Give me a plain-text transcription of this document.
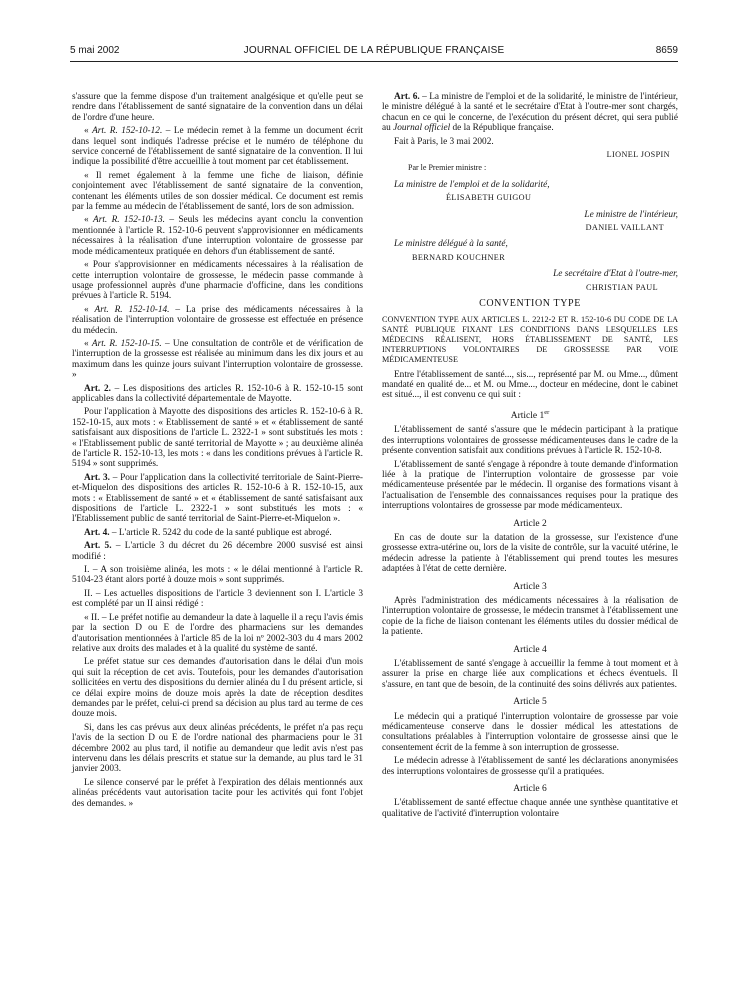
5 mai 2002	JOURNAL OFFICIEL DE LA RÉPUBLIQUE FRANÇAISE	8659

s'assure que la femme dispose d'un traitement analgésique et qu'elle peut se rendre dans l'établissement de santé signataire de la convention dans un délai de l'ordre d'une heure.

« Art. R. 152-10-12. – Le médecin remet à la femme un document écrit dans lequel sont indiqués l'adresse précise et le numéro de téléphone du service concerné de l'établissement de santé signataire de la convention. Il lui indique la possibilité d'être accueillie à tout moment par cet établissement.

« Il remet également à la femme une fiche de liaison, définie conjointement avec l'établissement de santé signataire de la convention, contenant les éléments utiles de son dossier médical. Ce document est remis par la femme au médecin de l'établissement de santé, lors de son admission.

« Art. R. 152-10-13. – Seuls les médecins ayant conclu la convention mentionnée à l'article R. 152-10-6 peuvent s'approvisionner en médicaments nécessaires à la réalisation d'une interruption volontaire de grossesse par mode médicamenteux pratiquée en dehors d'un établissement de santé.

« Pour s'approvisionner en médicaments nécessaires à la réalisation de cette interruption volontaire de grossesse, le médecin passe commande à usage professionnel auprès d'une pharmacie d'officine, dans les conditions prévues à l'article R. 5194.

« Art. R. 152-10-14. – La prise des médicaments nécessaires à la réalisation de l'interruption volontaire de grossesse est effectuée en présence du médecin.

« Art. R. 152-10-15. – Une consultation de contrôle et de vérification de l'interruption de la grossesse est réalisée au minimum dans les dix jours et au maximum dans les quinze jours suivant l'interruption volontaire de grossesse. »

Art. 2. – Les dispositions des articles R. 152-10-6 à R. 152-10-15 sont applicables dans la collectivité départementale de Mayotte.

Pour l'application à Mayotte des dispositions des articles R. 152-10-6 à R. 152-10-15, aux mots : « Etablissement de santé » et « établissement de santé satisfaisant aux dispositions de l'article L. 2322-1 » sont substitués les mots : « l'Etablissement public de santé territorial de Mayotte » ; au deuxième alinéa de l'article R. 152-10-13, les mots : « dans les conditions prévues à l'article R. 5194 » sont supprimés.

Art. 3. – Pour l'application dans la collectivité territoriale de Saint-Pierre-et-Miquelon des dispositions des articles R. 152-10-6 à R. 152-10-15, aux mots : « Etablissement de santé » et « établissement de santé satisfaisant aux dispositions de l'article L. 2322-1 » sont substitués les mots : « l'Etablissement public de santé territorial de Saint-Pierre-et-Miquelon ».

Art. 4. – L'article R. 5242 du code de la santé publique est abrogé.

Art. 5. – L'article 3 du décret du 26 décembre 2000 susvisé est ainsi modifié :

I. – A son troisième alinéa, les mots : « le délai mentionné à l'article R. 5104-23 étant alors porté à douze mois » sont supprimés.

II. – Les actuelles dispositions de l'article 3 deviennent son I. L'article 3 est complété par un II ainsi rédigé :

« II. – Le préfet notifie au demandeur la date à laquelle il a reçu l'avis émis par la section D ou E de l'ordre des pharmaciens sur les demandes d'autorisation mentionnées à l'article 85 de la loi nº 2002-303 du 4 mars 2002 relative aux droits des malades et à la qualité du système de santé.

Le préfet statue sur ces demandes d'autorisation dans le délai d'un mois qui suit la réception de cet avis. Toutefois, pour les demandes d'autorisation sollicitées en vertu des dispositions du dernier alinéa du I du présent article, si ce délai expire moins de douze mois après la date de réception desdites demandes par le préfet, celui-ci prend sa décision au plus tard au terme de ces douze mois.

Si, dans les cas prévus aux deux alinéas précédents, le préfet n'a pas reçu l'avis de la section D ou E de l'ordre national des pharmaciens pour le 31 décembre 2002 au plus tard, il notifie au demandeur que ledit avis n'est pas intervenu dans les délais prescrits et statue sur la demande, au plus tard le 31 janvier 2003.

Le silence conservé par le préfet à l'expiration des délais mentionnés aux alinéas précédents vaut autorisation tacite pour les activités qui font l'objet des demandes. »

Art. 6. – La ministre de l'emploi et de la solidarité, le ministre de l'intérieur, le ministre délégué à la santé et le secrétaire d'Etat à l'outre-mer sont chargés, chacun en ce qui le concerne, de l'exécution du présent décret, qui sera publié au Journal officiel de la République française.

Fait à Paris, le 3 mai 2002.

LIONEL JOSPIN

Par le Premier ministre :

La ministre de l'emploi et de la solidarité,

ÉLISABETH GUIGOU

Le ministre de l'intérieur,

DANIEL VAILLANT

Le ministre délégué à la santé,

BERNARD KOUCHNER

Le secrétaire d'Etat à l'outre-mer,

CHRISTIAN PAUL

CONVENTION TYPE
CONVENTION TYPE AUX ARTICLES L. 2212-2 ET R. 152-10-6 DU CODE DE LA SANTÉ PUBLIQUE FIXANT LES CONDITIONS DANS LESQUELLES LES MÉDECINS RÉALISENT, HORS ÉTABLISSEMENT DE SANTÉ, LES INTERRUPTIONS VOLONTAIRES DE GROSSESSE PAR VOIE MÉDICAMENTEUSE

Entre l'établissement de santé..., sis..., représenté par M. ou Mme..., dûment mandaté en qualité de... et M. ou Mme..., docteur en médecine, dont le cabinet est situé..., il est convenu ce qui suit :

Article 1er

L'établissement de santé s'assure que le médecin participant à la pratique des interruptions volontaires de grossesse médicamenteuses dans le cadre de la présente convention satisfait aux conditions prévues à l'article R. 152-10-8.

L'établissement de santé s'engage à répondre à toute demande d'information liée à la pratique de l'interruption volontaire de grossesse par voie médicamenteuse présentée par le médecin. Il organise des formations visant à l'actualisation de l'ensemble des connaissances requises pour la pratique des interruptions volontaires de grossesse par mode médicamenteux.

Article 2

En cas de doute sur la datation de la grossesse, sur l'existence d'une grossesse extra-utérine ou, lors de la visite de contrôle, sur la vacuité utérine, le médecin adresse la patiente à l'établissement qui prend toutes les mesures adaptées à l'état de cette dernière.

Article 3

Après l'administration des médicaments nécessaires à la réalisation de l'interruption volontaire de grossesse, le médecin transmet à l'établissement une copie de la fiche de liaison contenant les éléments utiles du dossier médical de la patiente.

Article 4

L'établissement de santé s'engage à accueillir la femme à tout moment et à assurer la prise en charge liée aux complications et échecs éventuels. Il s'assure, en tant que de besoin, de la continuité des soins délivrés aux patientes.

Article 5

Le médecin qui a pratiqué l'interruption volontaire de grossesse par voie médicamenteuse conserve dans le dossier médical les attestations de consultations préalables à l'interruption volontaire de grossesse ainsi que le consentement écrit de la femme à son interruption de grossesse.

Le médecin adresse à l'établissement de santé les déclarations anonymisées des interruptions volontaires de grossesse qu'il a pratiquées.

Article 6

L'établissement de santé effectue chaque année une synthèse quantitative et qualitative de l'activité d'interruption volontaire
